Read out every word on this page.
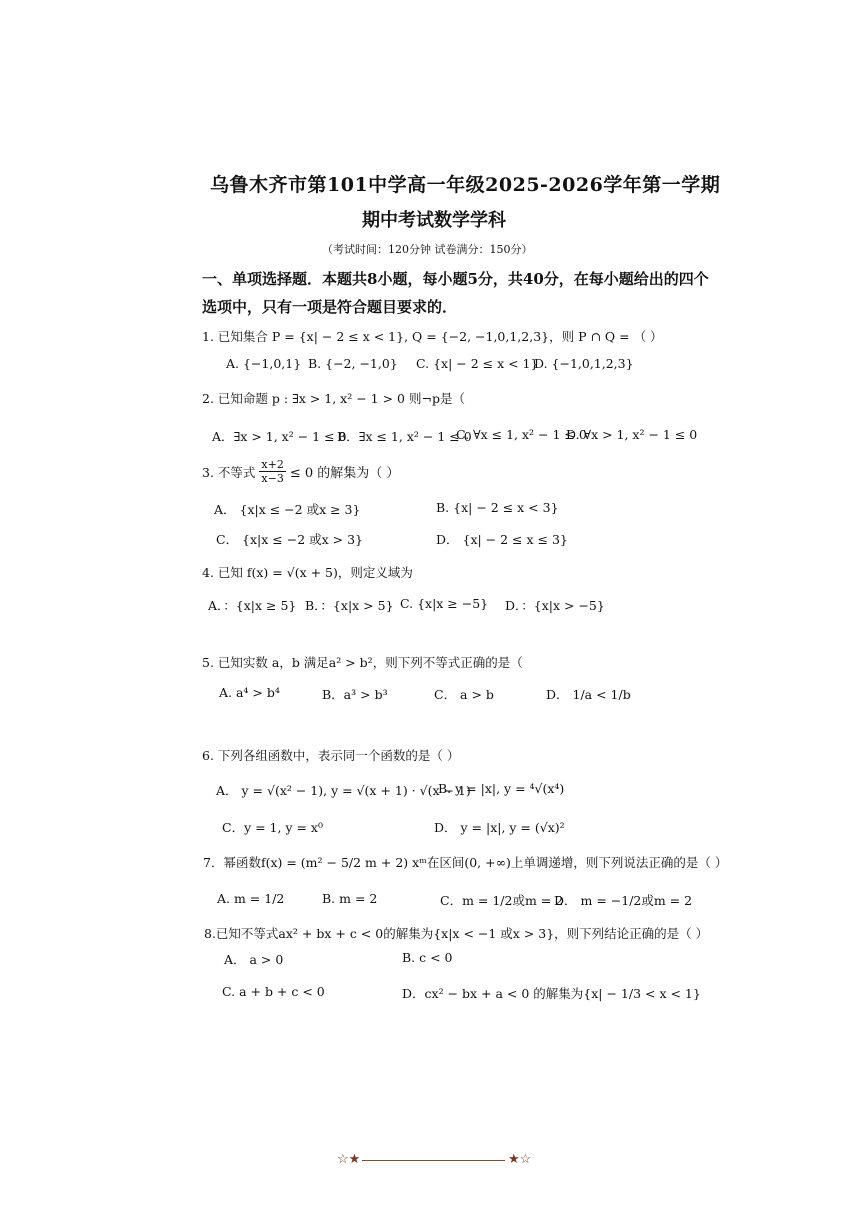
乌鲁木齐市第101中学高一年级2025-2026学年第一学期
期中考试数学学科
（考试时间：120分钟 试卷满分：150分）
一、单项选择题．本题共8小题，每小题5分，共40分，在每小题给出的四个
选项中，只有一项是符合题目要求的．
1. 已知集合 P = {x| − 2 ≤ x < 1}, Q = {−2, −1,0,1,2,3}，则 P ∩ Q = （ ）
A. {−1,0,1} B. {−2, −1,0} C. {x| − 2 ≤ x < 1}
D. {−1,0,1,2,3}
2. 已知命题 p : ∃x > 1, x² − 1 > 0 则¬p是（
A．∃x > 1, x² − 1 ≤ 0
B．∃x ≤ 1, x² − 1 ≤ 0
C. ∀x ≤ 1, x² − 1 ≤ 0
D. ∀x > 1, x² − 1 ≤ 0
3. 不等式 $\frac{x+2}{x-3} \le 0$ 的解集为（ ）
A． {x|x ≤ −2 或x ≥ 3}	B. {x| − 2 ≤ x < 3}
C． {x|x ≤ −2 或x > 3}	D． {x| − 2 ≤ x ≤ 3}
4. 已知 f(x) = √(x + 5)，则定义域为
A．：{x|x ≥ 5} B．：{x|x > 5} C. {x|x ≥ −5} D．：{x|x > −5}
5. 已知实数 a，b 满足a² > b²，则下列不等式正确的是（
A. a⁴ > b⁴	B．a³ > b³	C． a > b	D． 1/a < 1/b
6. 下列各组函数中，表示同一个函数的是（ ）
A． y = √(x² − 1), y = √(x + 1) · √(x − 1)
B. y = |x|, y = ⁴√(x⁴)
C．y = 1, y = x⁰	D． y = |x|, y = (√x)²
7．幂函数f(x) = (m² − 5/2 m + 2) xᵐ在区间(0, +∞)上单调递增，则下列说法正确的是（ ）
A. m = 1/2	B. m = 2	C．m = 1/2或m = 2
D． m = −1/2或m = 2
8.已知不等式ax² + bx + c < 0的解集为{x|x < −1 或x > 3}，则下列结论正确的是（ ）
A． a > 0	B. c < 0
C. a + b + c < 0	D．cx² − bx + a < 0 的解集为{x| − 1/3 < x < 1}
☆★	★☆
